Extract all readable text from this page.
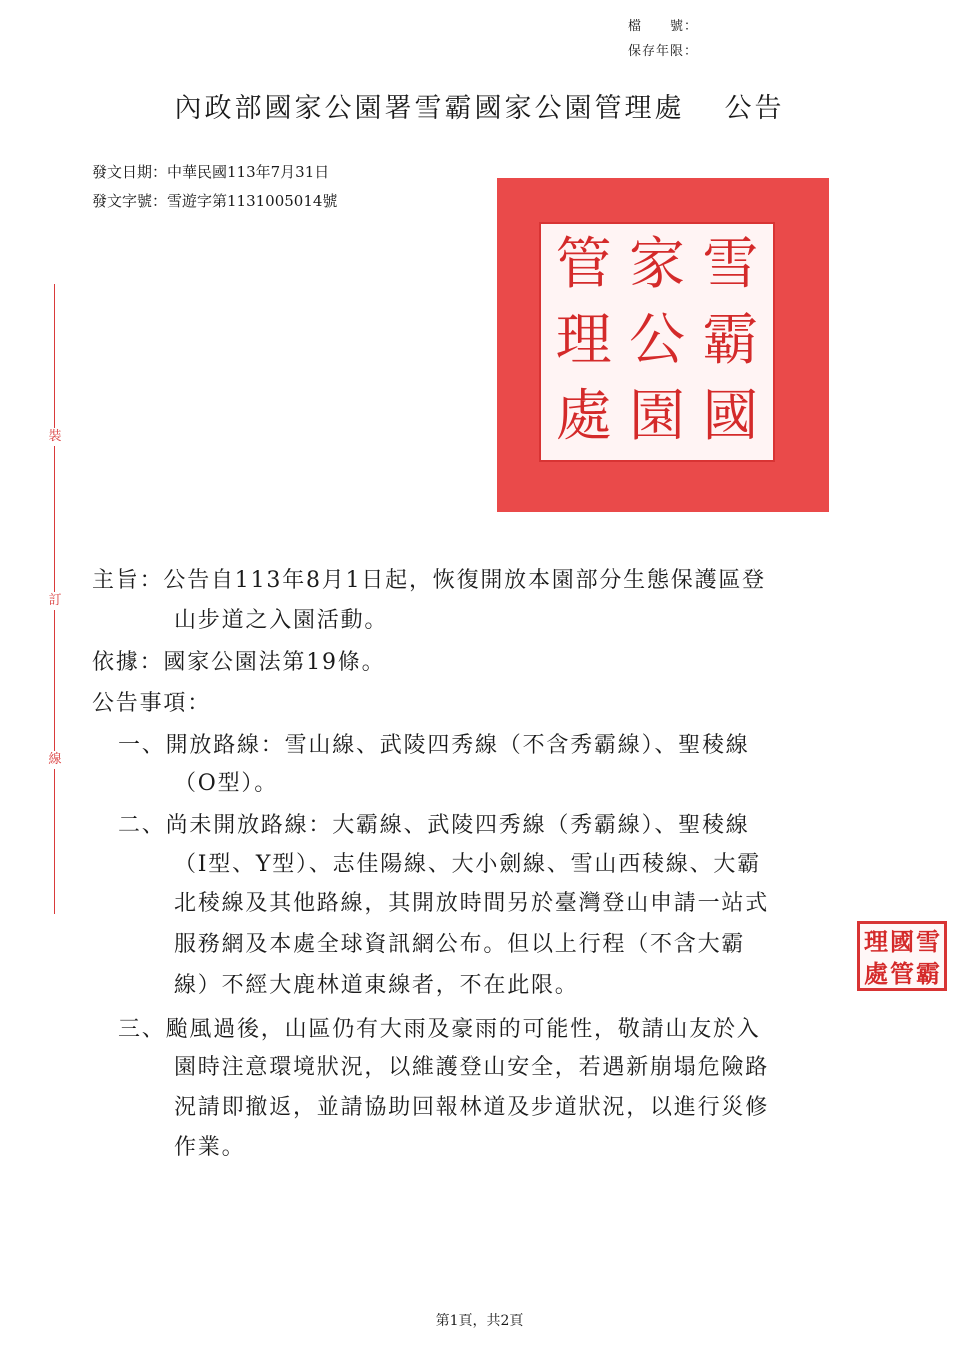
檔　　號：
保存年限：
內政部國家公園署雪霸國家公園管理處 公告
發文日期：中華民國113年7月31日
發文字號：雪遊字第1131005014號
裝
訂
線
雪
霸
國
家
公
園
管
理
處
主旨：公告自113年8月1日起，恢復開放本園部分生態保護區登
山步道之入園活動。
依據：國家公園法第19條。
公告事項：
一、開放路線：雪山線、武陵四秀線（不含秀霸線）、聖稜線
（O型）。
二、尚未開放路線：大霸線、武陵四秀線（秀霸線）、聖稜線
（I型、Y型）、志佳陽線、大小劍線、雪山西稜線、大霸
北稜線及其他路線，其開放時間另於臺灣登山申請一站式
服務網及本處全球資訊網公布。但以上行程（不含大霸
線）不經大鹿林道東線者，不在此限。
雪
霸
國
管
理
處
三、颱風過後，山區仍有大雨及豪雨的可能性，敬請山友於入
園時注意環境狀況，以維護登山安全，若遇新崩塌危險路
況請即撤返，並請協助回報林道及步道狀況，以進行災修
作業。
第1頁，共2頁
